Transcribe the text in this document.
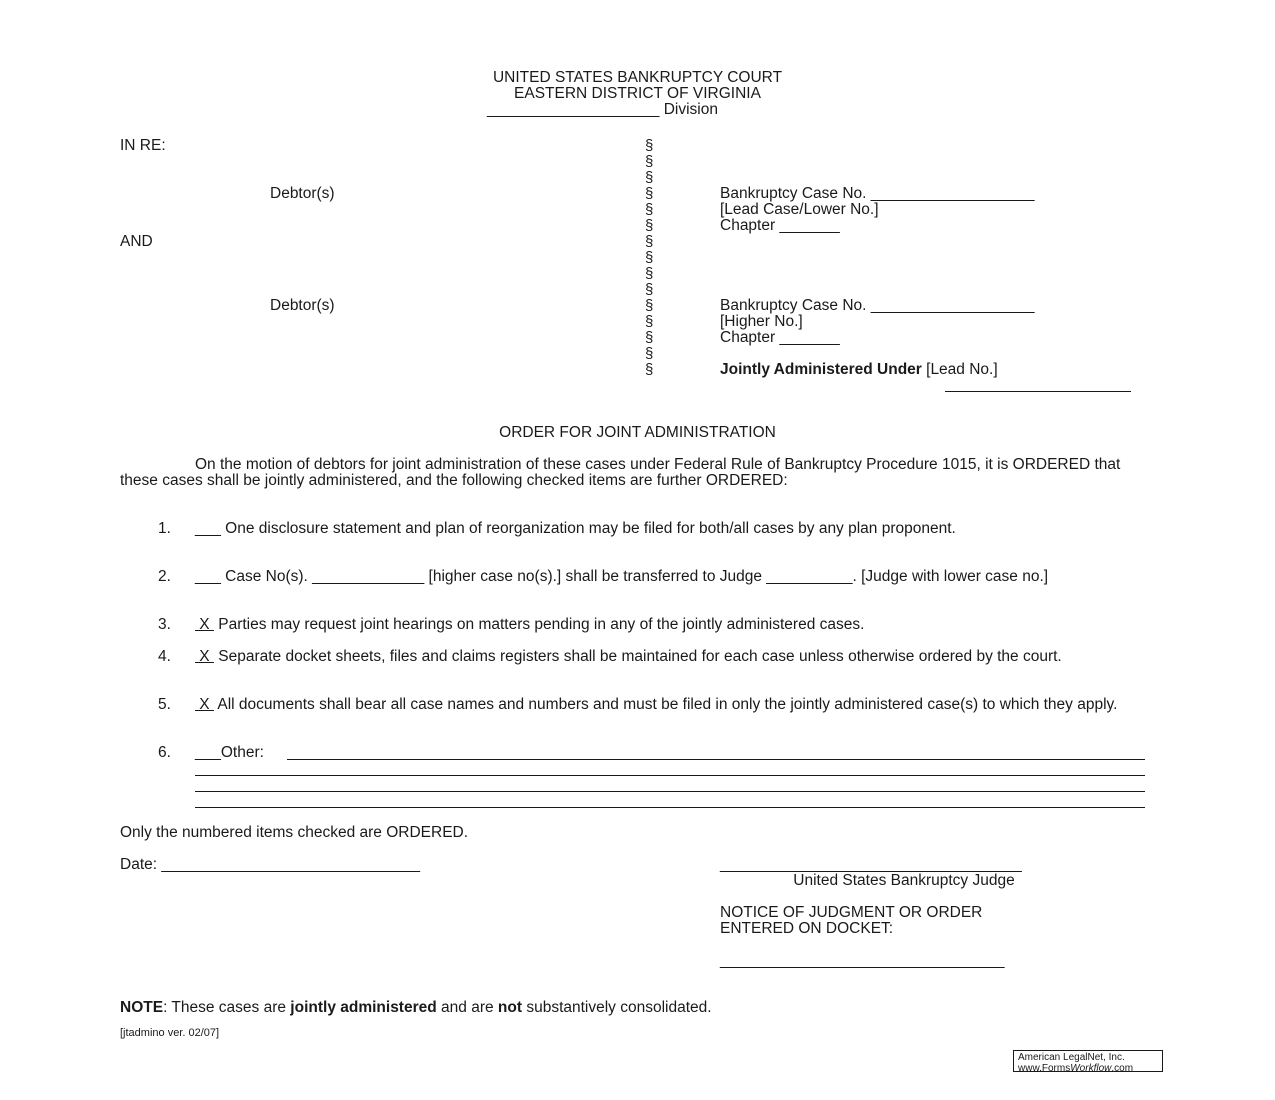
UNITED STATES BANKRUPTCY COURT
EASTERN DISTRICT OF VIRGINIA
____________________ Division
IN RE:
Debtor(s)
AND
Debtor(s)
§
§
§
§
§
§
§
§
§
§
§
§
§
§
§
Bankruptcy Case No. ___________________
[Lead Case/Lower No.]
Chapter _______
Bankruptcy Case No. ___________________
[Higher No.]
Chapter _______
Jointly Administered Under [Lead No.]
ORDER FOR JOINT ADMINISTRATION
On the motion of debtors for joint administration of these cases under Federal Rule of Bankruptcy Procedure 1015, it is ORDERED that these cases shall be jointly administered, and the following checked items are further ORDERED:
1. ___ One disclosure statement and plan of reorganization may be filed for both/all cases by any plan proponent.
2. ___ Case No(s). _____________ [higher case no(s).] shall be transferred to Judge __________. [Judge with lower case no.]
3. X  Parties may request joint hearings on matters pending in any of the jointly administered cases.
4. X  Separate docket sheets, files and claims registers shall be maintained for each case unless otherwise ordered by the court.
5. X  All documents shall bear all case names and numbers and must be filed in only the jointly administered case(s) to which they apply.
6. ___Other:
Only the numbered items checked are ORDERED.
Date: ______________________________	___________________________________
United States Bankruptcy Judge
NOTICE OF JUDGMENT OR ORDER
ENTERED ON DOCKET:
_________________________________
NOTE: These cases are jointly administered and are not substantively consolidated.
[jtadmino ver. 02/07]
American LegalNet, Inc.
www.FormsWorkflow.com
